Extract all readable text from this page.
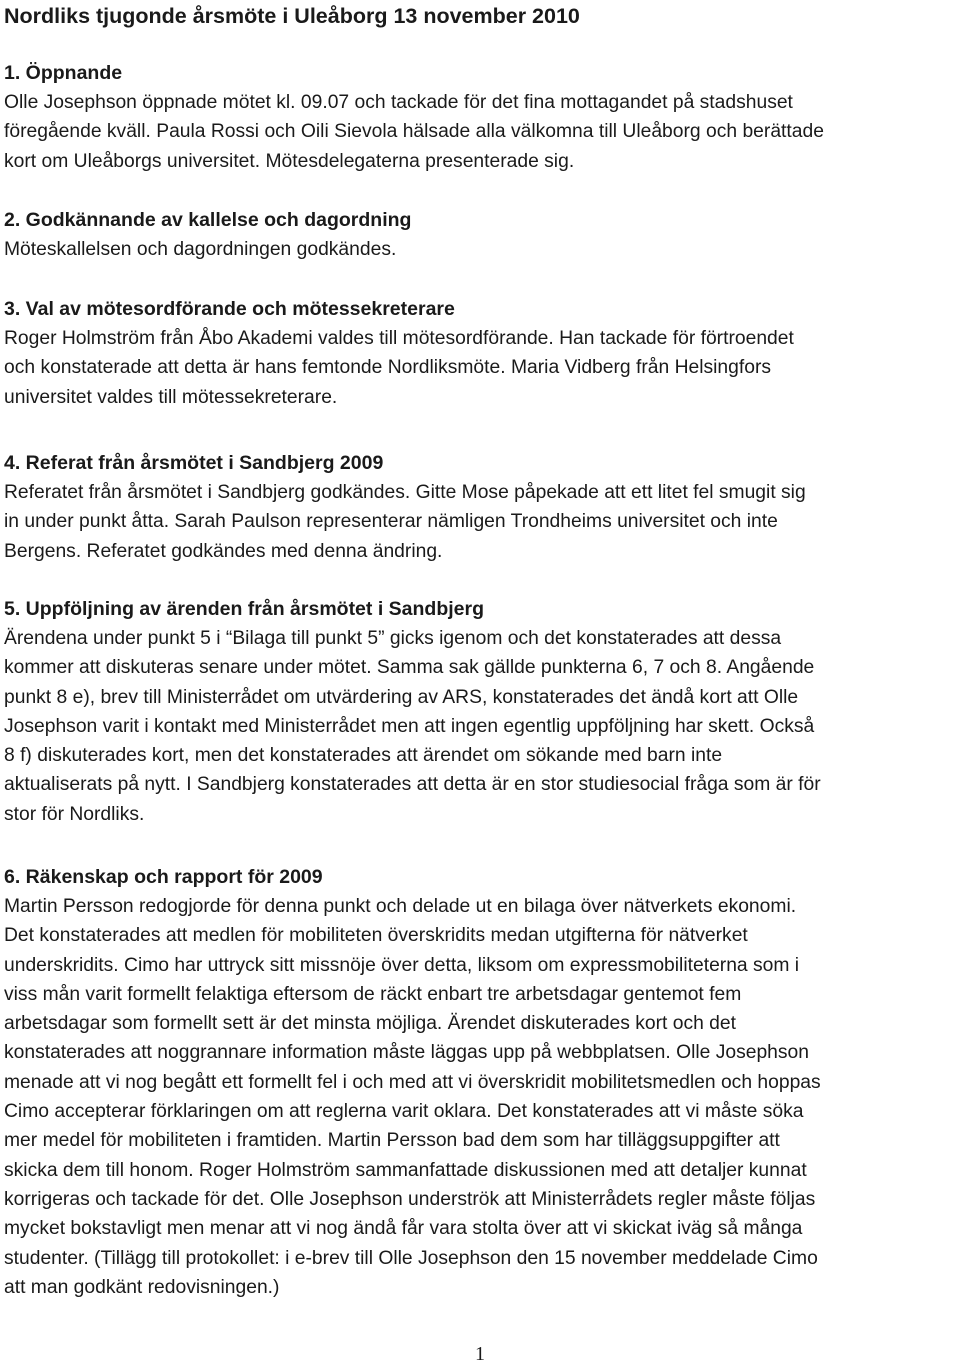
Nordliks tjugonde årsmöte i Uleåborg 13 november 2010
1. Öppnande

Olle Josephson öppnade mötet kl. 09.07 och tackade för det fina mottagandet på stadshuset
föregående kväll. Paula Rossi och Oili Sievola hälsade alla välkomna till Uleåborg och berättade
kort om Uleåborgs universitet. Mötesdelegaterna presenterade sig.

2. Godkännande av kallelse och dagordning

Möteskallelsen och dagordningen godkändes.

3. Val av mötesordförande och mötessekreterare

Roger Holmström från Åbo Akademi valdes till mötesordförande. Han tackade för förtroendet
och konstaterade att detta är hans femtonde Nordliksmöte. Maria Vidberg från Helsingfors
universitet valdes till mötessekreterare.

4. Referat från årsmötet i Sandbjerg 2009

Referatet från årsmötet i Sandbjerg godkändes. Gitte Mose påpekade att ett litet fel smugit sig
in under punkt åtta. Sarah Paulson representerar nämligen Trondheims universitet och inte
Bergens. Referatet godkändes med denna ändring.

5. Uppföljning av ärenden från årsmötet i Sandbjerg

Ärendena under punkt 5 i “Bilaga till punkt 5” gicks igenom och det konstaterades att dessa
kommer att diskuteras senare under mötet. Samma sak gällde punkterna 6, 7 och 8. Angående
punkt 8 e), brev till Ministerrådet om utvärdering av ARS, konstaterades det ändå kort att Olle
Josephson varit i kontakt med Ministerrådet men att ingen egentlig uppföljning har skett. Också
8 f) diskuterades kort, men det konstaterades att ärendet om sökande med barn inte
aktualiserats på nytt. I Sandbjerg konstaterades att detta är en stor studiesocial fråga som är för
stor för Nordliks.

6. Räkenskap och rapport för 2009

Martin Persson redogjorde för denna punkt och delade ut en bilaga över nätverkets ekonomi.
Det konstaterades att medlen för mobiliteten överskridits medan utgifterna för nätverket
underskridits. Cimo har uttryck sitt missnöje över detta, liksom om expressmobiliteterna som i
viss mån varit formellt felaktiga eftersom de räckt enbart tre arbetsdagar gentemot fem
arbetsdagar som formellt sett är det minsta möjliga. Ärendet diskuterades kort och det
konstaterades att noggrannare information måste läggas upp på webbplatsen. Olle Josephson
menade att vi nog begått ett formellt fel i och med att vi överskridit mobilitetsmedlen och hoppas
Cimo accepterar förklaringen om att reglerna varit oklara. Det konstaterades att vi måste söka
mer medel för mobiliteten i framtiden. Martin Persson bad dem som har tilläggsuppgifter att
skicka dem till honom. Roger Holmström sammanfattade diskussionen med att detaljer kunnat
korrigeras och tackade för det. Olle Josephson underströk att Ministerrådets regler måste följas
mycket bokstavligt men menar att vi nog ändå får vara stolta över att vi skickat iväg så många
studenter. (Tillägg till protokollet: i e-brev till Olle Josephson den 15 november meddelade Cimo
att man godkänt redovisningen.)

1
